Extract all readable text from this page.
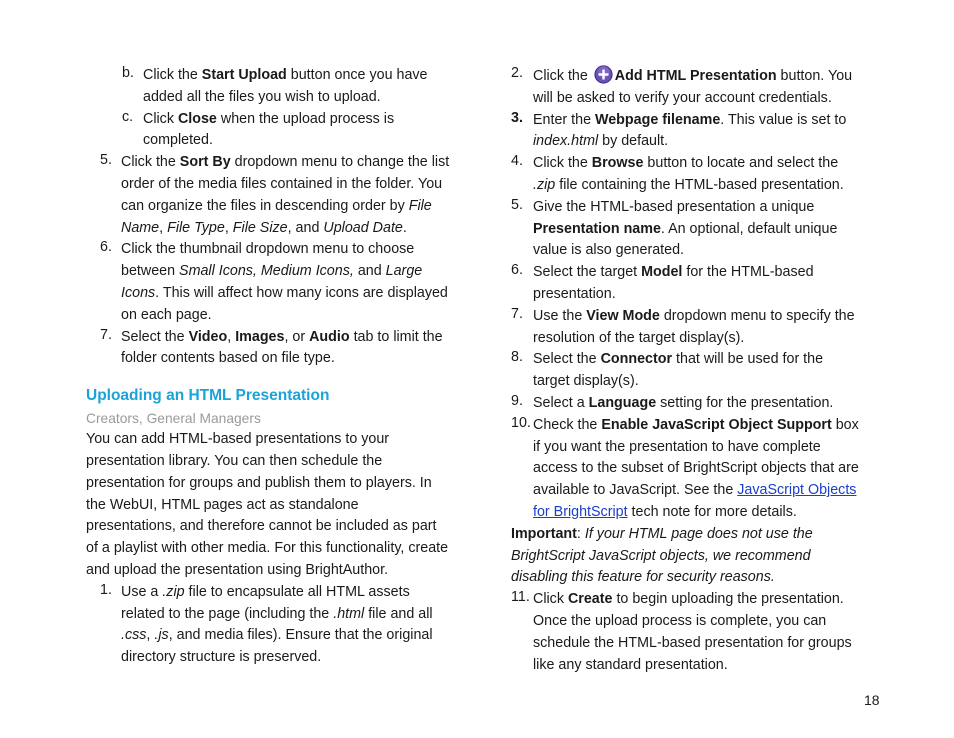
b. Click the Start Upload button once you have
added all the files you wish to upload.
c. Click Close when the upload process is
completed.
5. Click the Sort By dropdown menu to change the list
order of the media files contained in the folder. You
can organize the files in descending order by File
Name, File Type, File Size, and Upload Date.
6. Click the thumbnail dropdown menu to choose
between Small Icons, Medium Icons, and Large
Icons. This will affect how many icons are displayed
on each page.
7. Select the Video, Images, or Audio tab to limit the
folder contents based on file type.
Uploading an HTML Presentation
Creators, General Managers
You can add HTML-based presentations to your
presentation library. You can then schedule the
presentation for groups and publish them to players. In
the WebUI, HTML pages act as standalone
presentations, and therefore cannot be included as part
of a playlist with other media. For this functionality, create
and upload the presentation using BrightAuthor.
1. Use a .zip file to encapsulate all HTML assets
related to the page (including the .html file and all
.css, .js, and media files). Ensure that the original
directory structure is preserved.
2. Click the Add HTML Presentation button. You
will be asked to verify your account credentials.
3. Enter the Webpage filename. This value is set to
index.html by default.
4. Click the Browse button to locate and select the
.zip file containing the HTML-based presentation.
5. Give the HTML-based presentation a unique
Presentation name. An optional, default unique
value is also generated.
6. Select the target Model for the HTML-based
presentation.
7. Use the View Mode dropdown menu to specify the
resolution of the target display(s).
8. Select the Connector that will be used for the
target display(s).
9. Select a Language setting for the presentation.
10. Check the Enable JavaScript Object Support box
if you want the presentation to have complete
access to the subset of BrightScript objects that are
available to JavaScript. See the JavaScript Objects
for BrightScript tech note for more details.
Important: If your HTML page does not use the
BrightScript JavaScript objects, we recommend
disabling this feature for security reasons.
11. Click Create to begin uploading the presentation.
Once the upload process is complete, you can
schedule the HTML-based presentation for groups
like any standard presentation.
18
